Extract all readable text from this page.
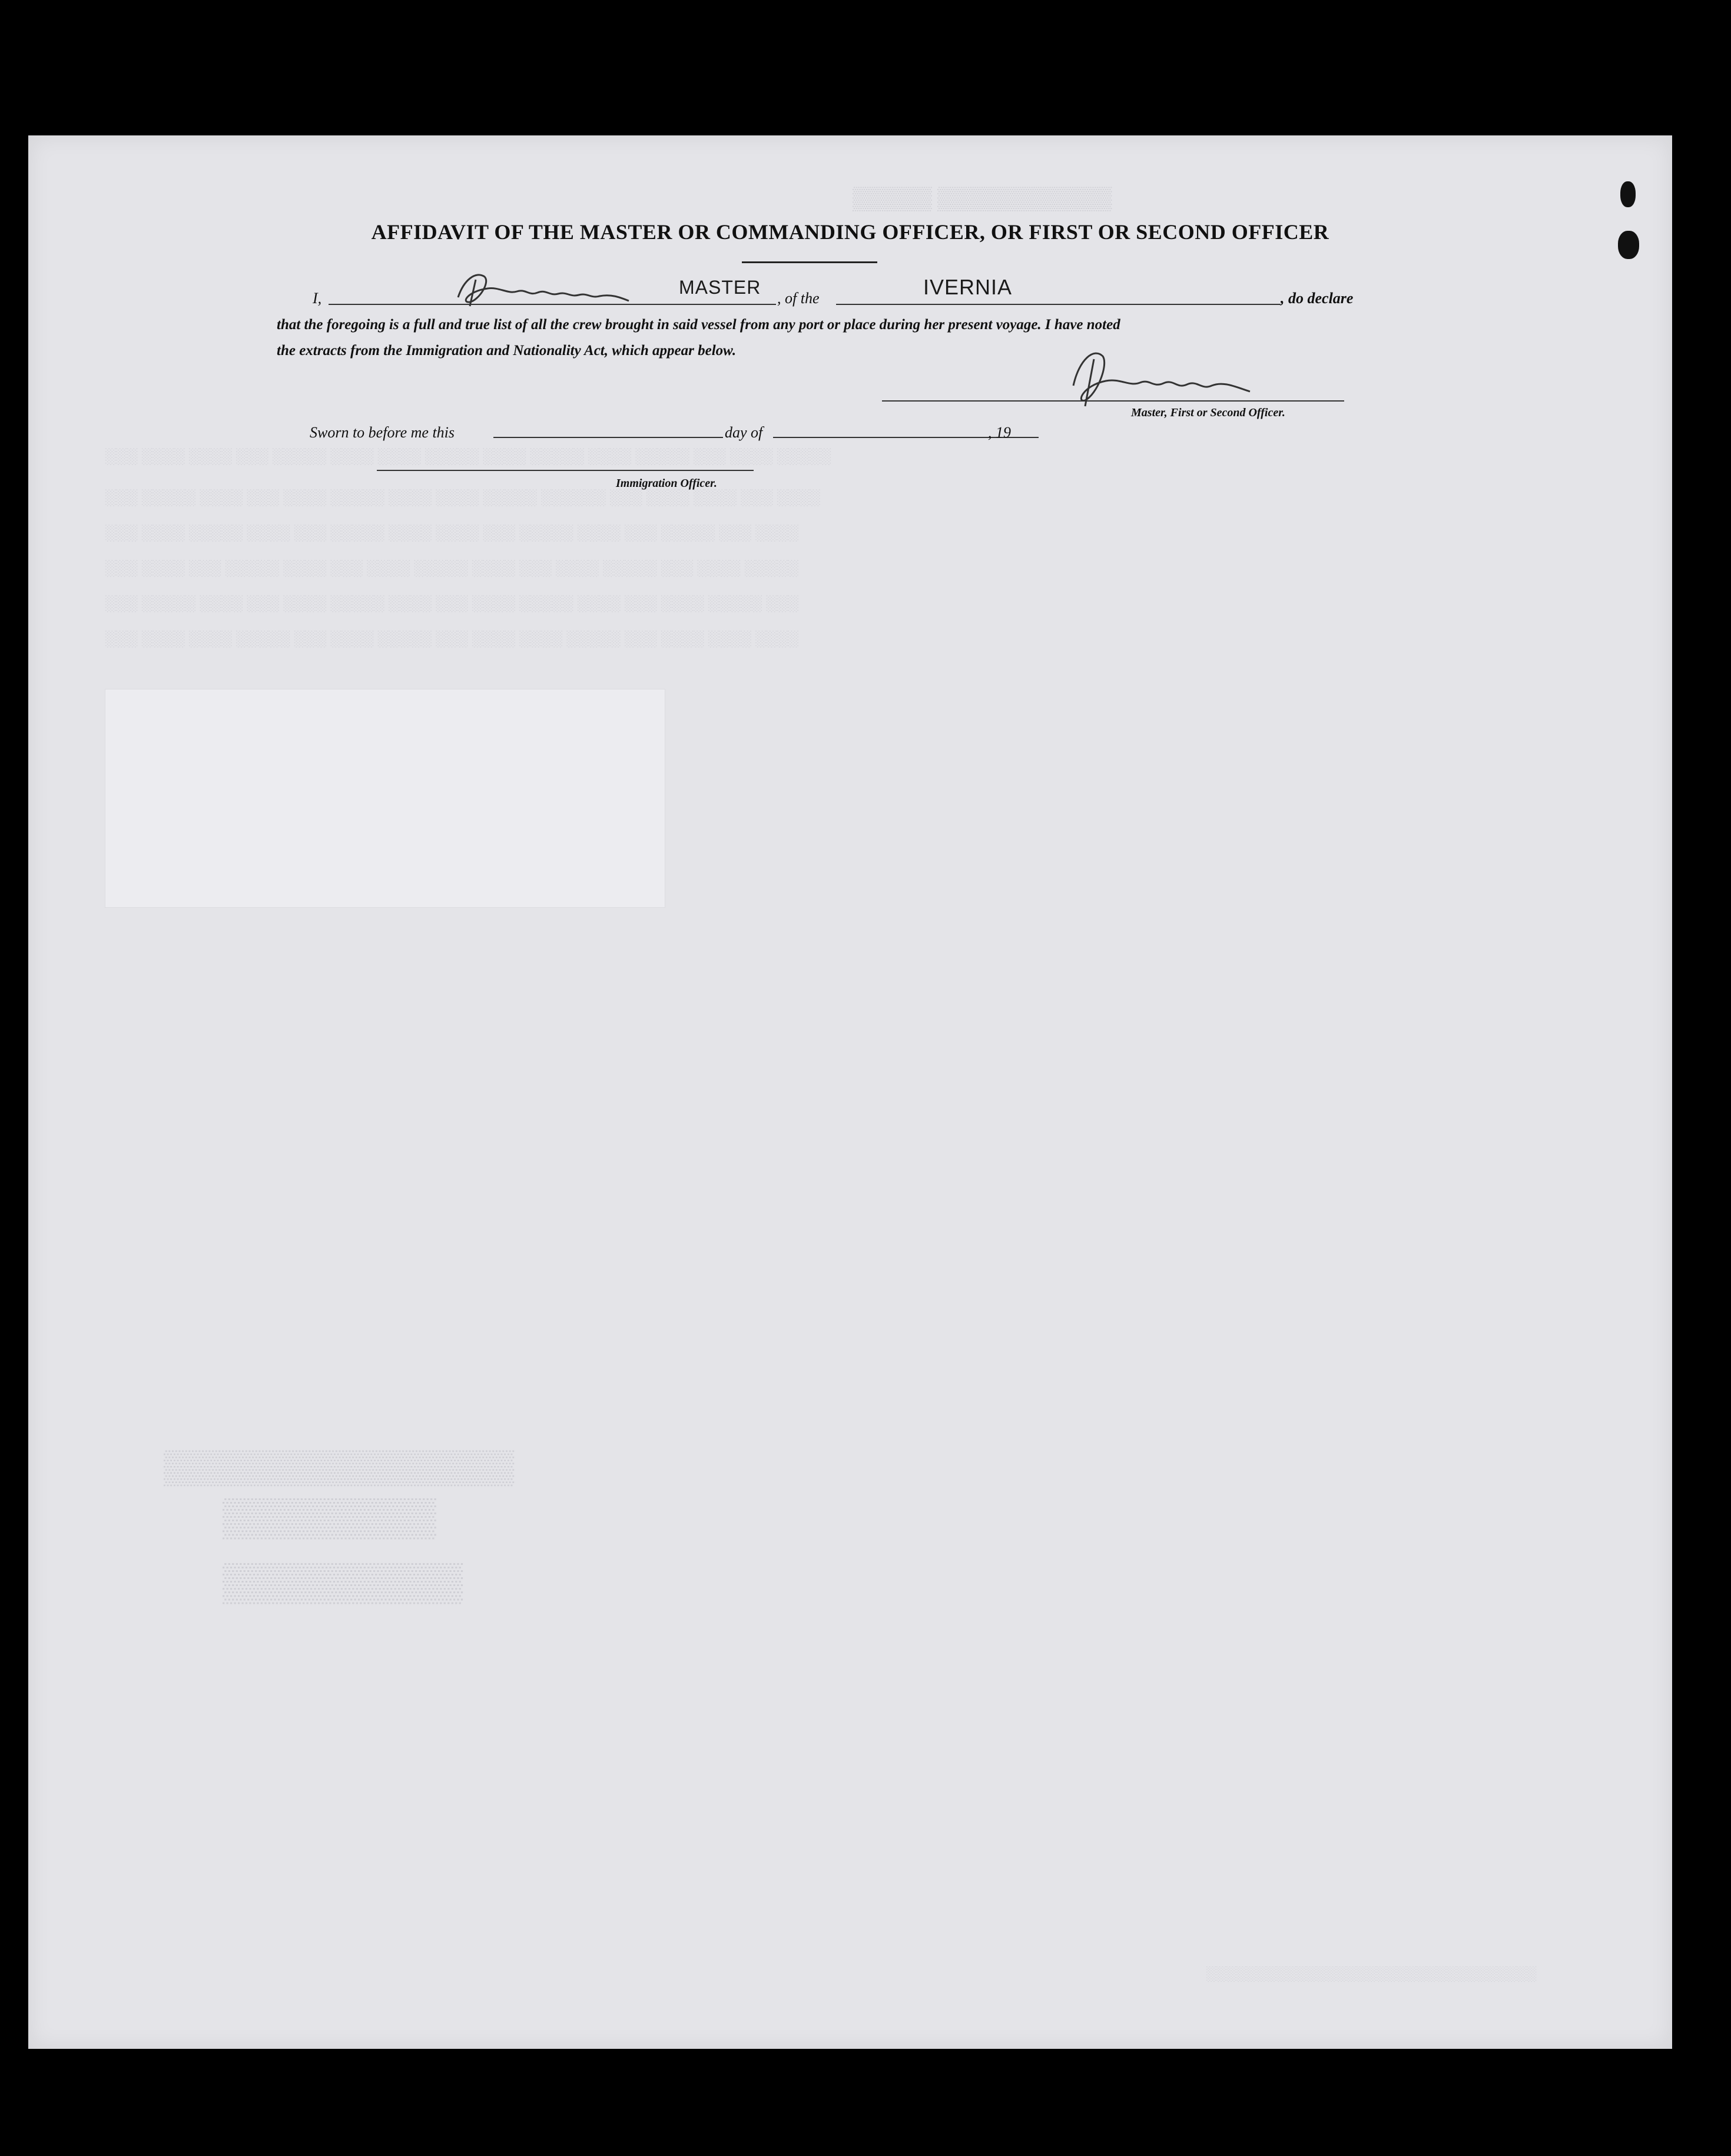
▒▒▒▒▒ ▒▒▒▒▒▒▒▒▒▒▒
░░░ ░░░░ ░░░░ ░░░ ░░░░░ ░░░░ ░░░░ ░░░░░ ░░░░ ░░░░░ ░░░░ ░░░░░ ░░░ ░░░░ ░░░░░
░░░ ░░░░░ ░░░░ ░░░ ░░░░ ░░░░░ ░░░░ ░░░░ ░░░░░ ░░░░░░ ░░░ ░░░░ ░░░░ ░░░ ░░░░
░░░ ░░░░ ░░░░░ ░░░░ ░░░ ░░░░░ ░░░░ ░░░░ ░░░ ░░░░░ ░░░░ ░░░ ░░░░░ ░░░ ░░░░
░░░ ░░░░ ░░░ ░░░░░ ░░░░ ░░░ ░░░░ ░░░░░ ░░░░ ░░░ ░░░░ ░░░░░ ░░░ ░░░░ ░░░░░
░░░ ░░░░░ ░░░░ ░░░ ░░░░ ░░░░░ ░░░░ ░░░ ░░░░ ░░░░░ ░░░░ ░░░ ░░░░ ░░░░░ ░░░
░░░ ░░░░ ░░░░ ░░░░░ ░░░ ░░░░ ░░░░░ ░░░ ░░░░ ░░░░ ░░░░░ ░░░ ░░░░ ░░░░ ░░░░
▒▒▒▒▒▒▒▒▒▒▒▒▒▒▒
▒▒▒▒▒▒▒▒
▒▒▒▒▒▒▒▒▒
░░░░░░░░░░░░░░░░░░░░░░░░░░░░░░░░░
AFFIDAVIT OF THE MASTER OR COMMANDING OFFICER, OR FIRST OR SECOND OFFICER
I,
MASTER
, of the	IVERNIA	, do declare
that the foregoing is a full and true list of all the crew brought in said vessel from any port or place during her present voyage. I have noted
the extracts from the Immigration and Nationality Act, which appear below.
Master, First or Second Officer.
Sworn to before me this	day of	, 19
Immigration Officer.
